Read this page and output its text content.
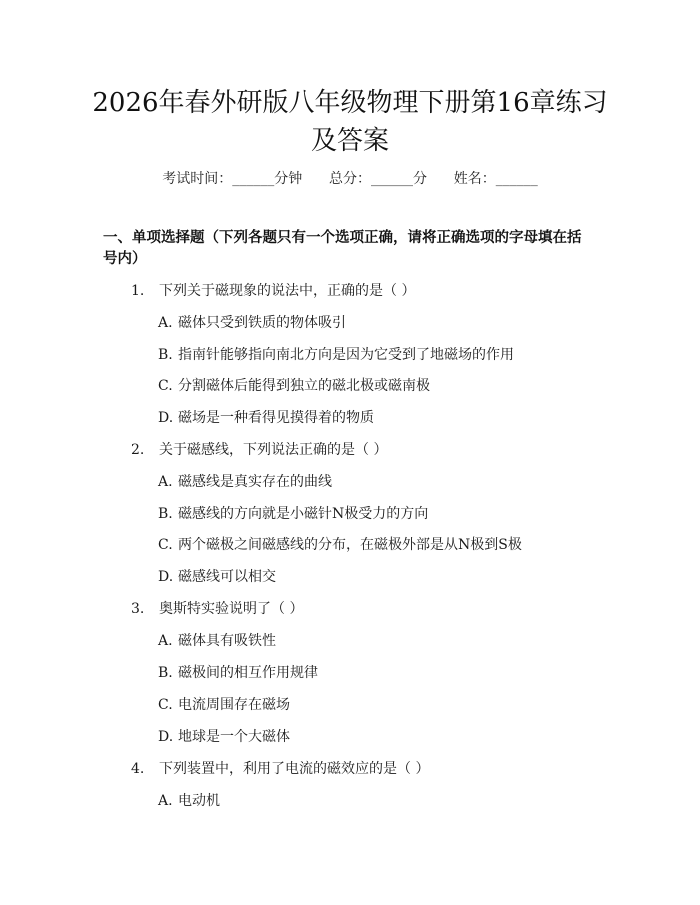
2026年春外研版八年级物理下册第16章练习及答案
考试时间：______分钟 总分：______分 姓名：______
一、单项选择题（下列各题只有一个选项正确，请将正确选项的字母填在括号内）
1. 下列关于磁现象的说法中，正确的是（ ）
A. 磁体只受到铁质的物体吸引
B. 指南针能够指向南北方向是因为它受到了地磁场的作用
C. 分割磁体后能得到独立的磁北极或磁南极
D. 磁场是一种看得见摸得着的物质
2. 关于磁感线，下列说法正确的是（ ）
A. 磁感线是真实存在的曲线
B. 磁感线的方向就是小磁针N极受力的方向
C. 两个磁极之间磁感线的分布，在磁极外部是从N极到S极
D. 磁感线可以相交
3. 奥斯特实验说明了（ ）
A. 磁体具有吸铁性
B. 磁极间的相互作用规律
C. 电流周围存在磁场
D. 地球是一个大磁体
4. 下列装置中，利用了电流的磁效应的是（ ）
A. 电动机
